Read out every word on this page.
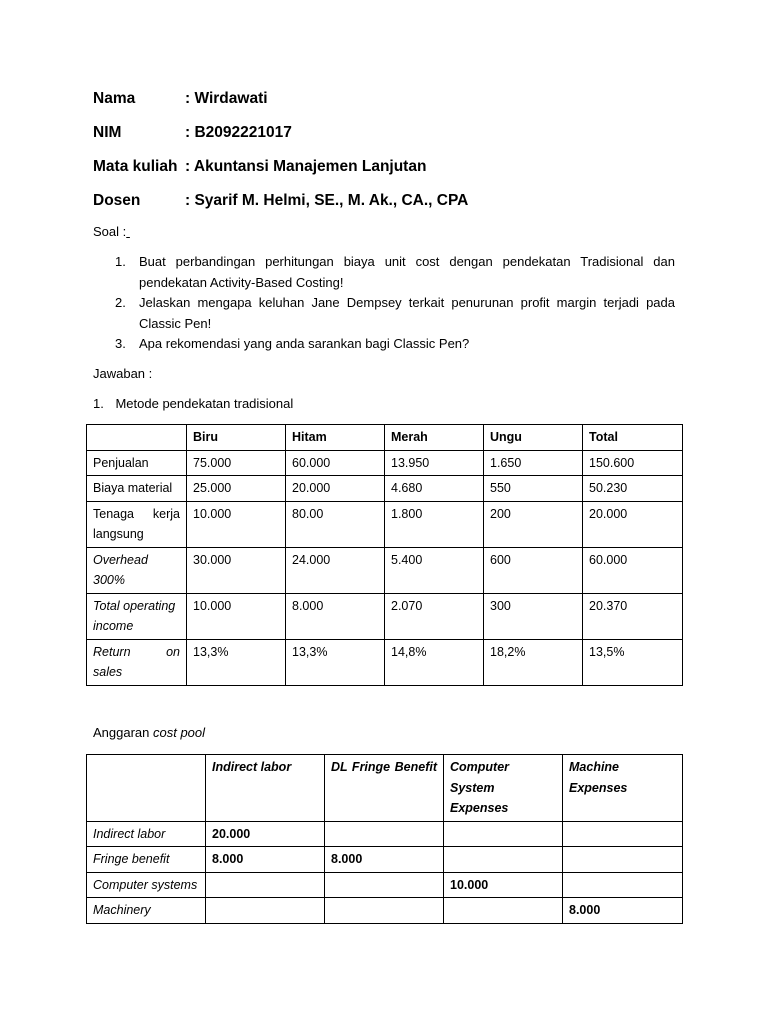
Nama	: Wirdawati
NIM	: B2092221017
Mata kuliah : Akuntansi Manajemen Lanjutan
Dosen	: Syarif M. Helmi, SE., M. Ak., CA., CPA
Soal :
1. Buat perbandingan perhitungan biaya unit cost dengan pendekatan Tradisional dan pendekatan Activity-Based Costing!
2. Jelaskan mengapa keluhan Jane Dempsey terkait penurunan profit margin terjadi pada Classic Pen!
3. Apa rekomendasi yang anda sarankan bagi Classic Pen?
Jawaban :
1. Metode pendekatan tradisional
	Biru	Hitam	Merah	Ungu	Total
Penjualan	75.000	60.000	13.950	1.650	150.600
Biaya material	25.000	20.000	4.680	550	50.230

Tenaga kerja langsung	10.000	80.00	1.800	200	20.000
Overhead 300%	30.000	24.000	5.400	600	60.000
Total operating income	10.000	8.000	2.070	300	20.370

Return on sales	13,3%	13,3%	14,8%	18,2%	13,5%
Anggaran cost pool
	Indirect labor	DL Fringe Benefit	Computer System Expenses	Machine Expenses
Indirect labor	20.000			
Fringe benefit	8.000	8.000		
Computer systems			10.000	
Machinery				8.000
